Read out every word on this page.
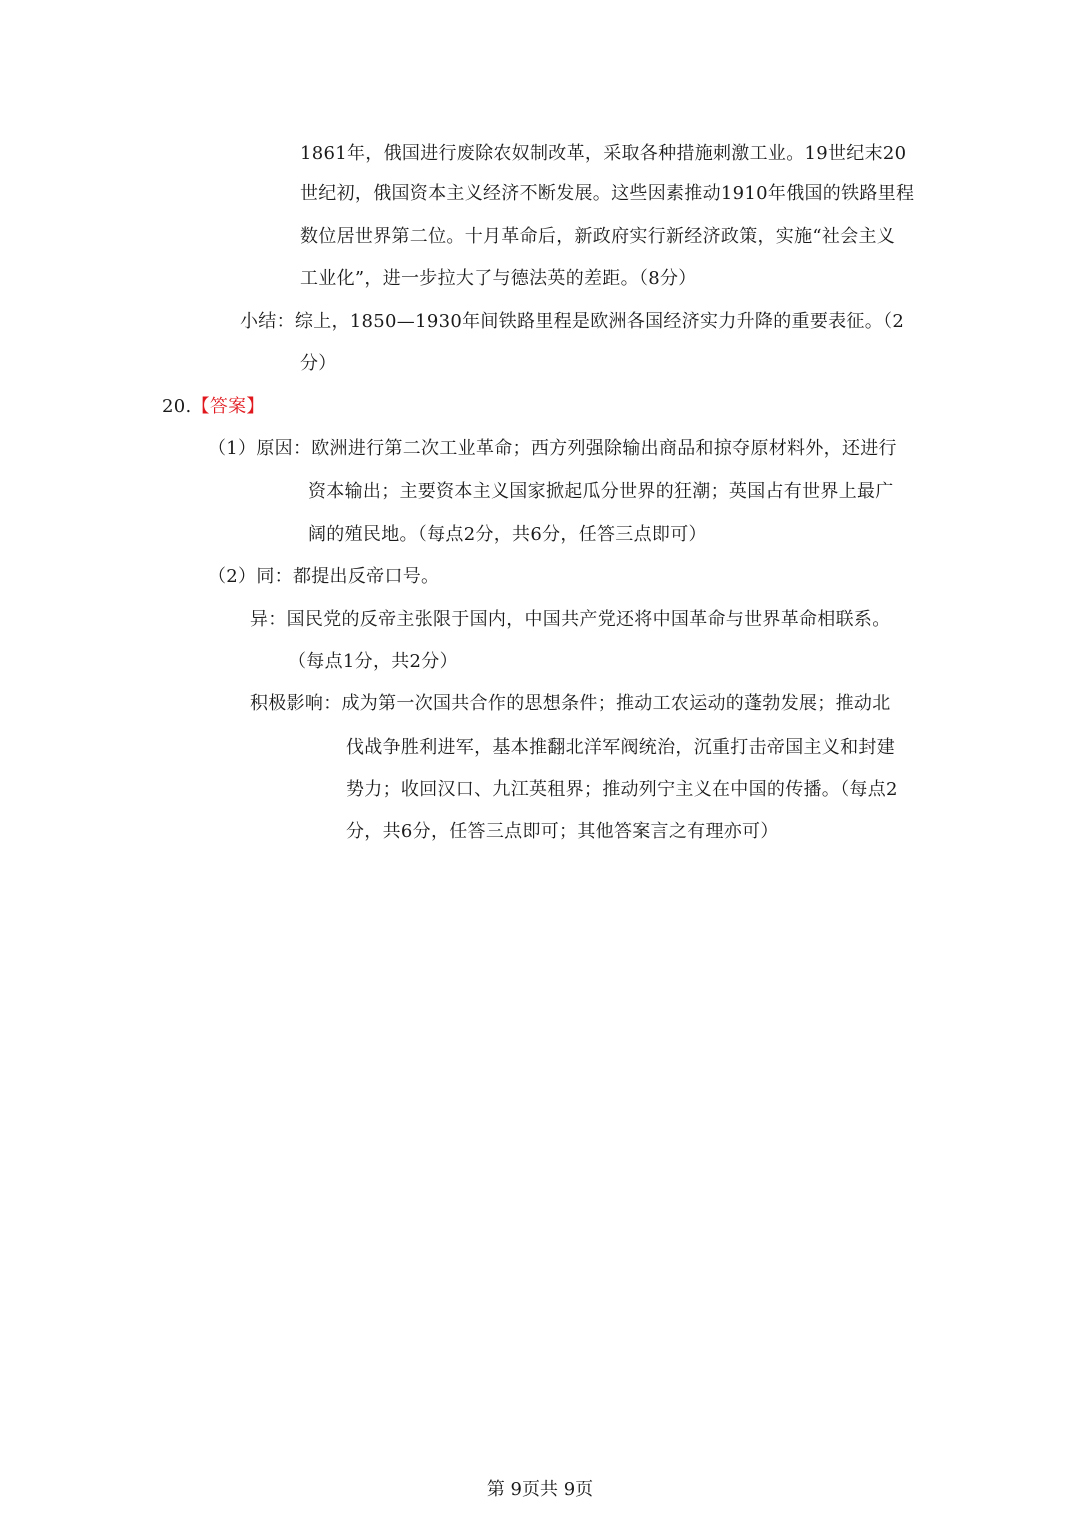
1861年，俄国进行废除农奴制改革，采取各种措施刺激工业。19世纪末20
世纪初，俄国资本主义经济不断发展。这些因素推动1910年俄国的铁路里程
数位居世界第二位。十月革命后，新政府实行新经济政策，实施“社会主义
工业化”，进一步拉大了与德法英的差距。（8分）
小结：综上，1850—1930年间铁路里程是欧洲各国经济实力升降的重要表征。（2
分）
20.【答案】
（1）原因：欧洲进行第二次工业革命；西方列强除输出商品和掠夺原材料外，还进行
资本输出；主要资本主义国家掀起瓜分世界的狂潮；英国占有世界上最广
阔的殖民地。（每点2分，共6分，任答三点即可）
（2）同：都提出反帝口号。
异：国民党的反帝主张限于国内，中国共产党还将中国革命与世界革命相联系。
（每点1分，共2分）
积极影响：成为第一次国共合作的思想条件；推动工农运动的蓬勃发展；推动北
伐战争胜利进军，基本推翻北洋军阀统治，沉重打击帝国主义和封建
势力；收回汉口、九江英租界；推动列宁主义在中国的传播。（每点2
分，共6分，任答三点即可；其他答案言之有理亦可）
第 9页共 9页
